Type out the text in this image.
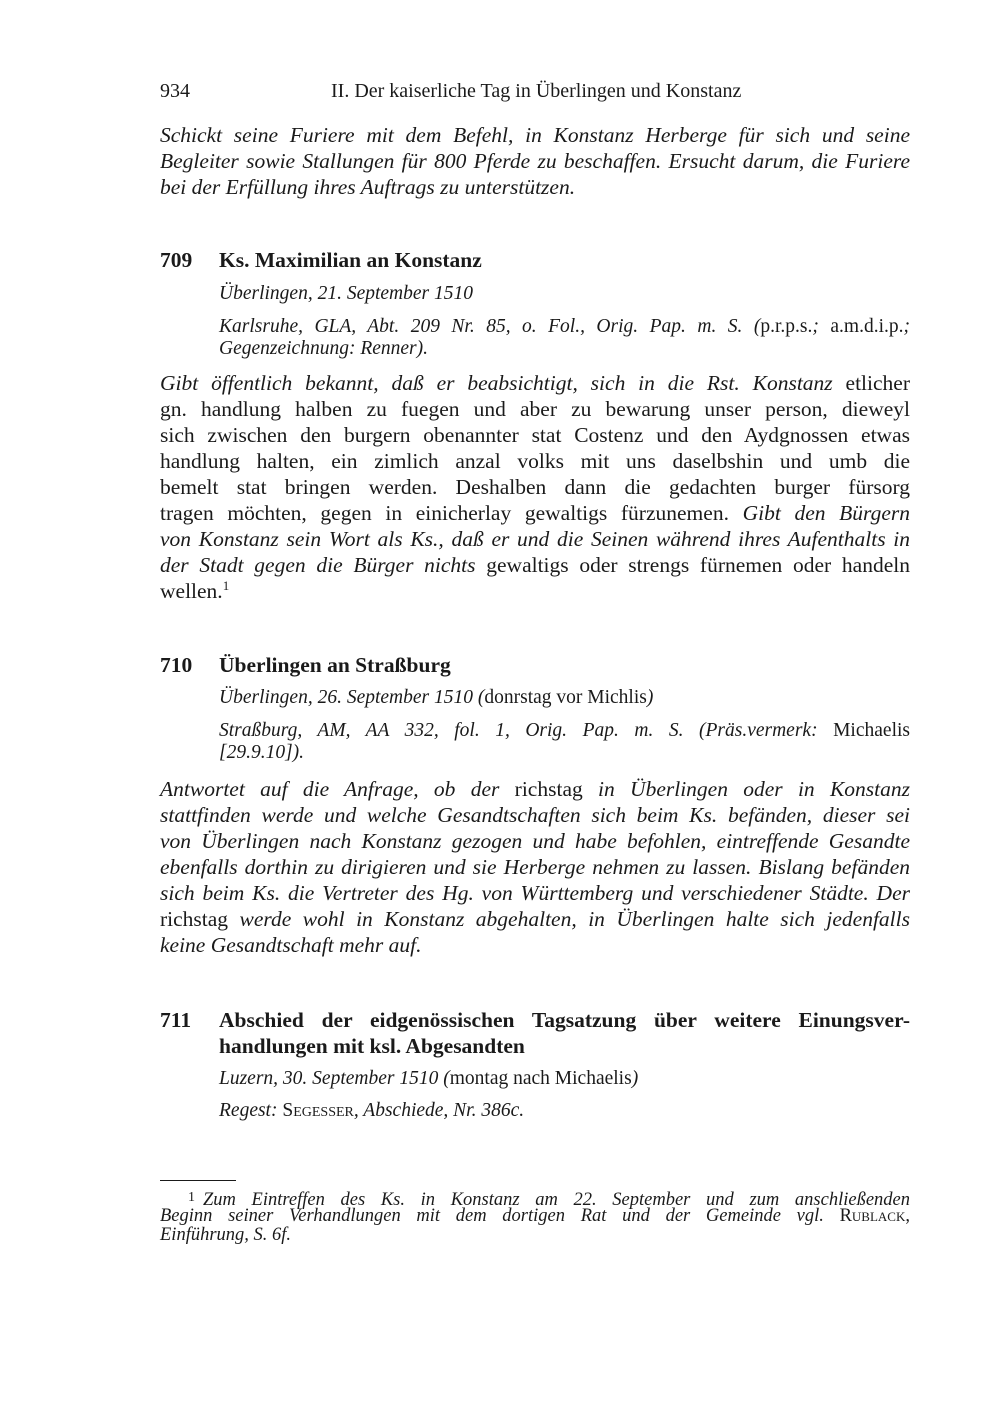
934	II. Der kaiserliche Tag in Überlingen und Konstanz
Schickt seine Furiere mit dem Befehl, in Konstanz Herberge für sich und seine
Begleiter sowie Stallungen für 800 Pferde zu beschaffen. Ersucht darum, die Furiere
bei der Erfüllung ihres Auftrags zu unterstützen.
709 Ks. Maximilian an Konstanz
Überlingen, 21. September 1510
Karlsruhe, GLA, Abt. 209 Nr. 85, o. Fol., Orig. Pap. m. S. (p.r.p.s.; a.m.d.i.p.;
Gegenzeichnung: Renner).
Gibt öffentlich bekannt, daß er beabsichtigt, sich in die Rst. Konstanz etlicher
gn. handlung halben zu fuegen und aber zu bewarung unser person, dieweyl
sich zwischen den burgern obenannter stat Costenz und den Aydgnossen etwas
handlung halten, ein zimlich anzal volks mit uns daselbshin und umb die
bemelt stat bringen werden. Deshalben dann die gedachten burger fürsorg
tragen möchten, gegen in einicherlay gewaltigs fürzunemen. Gibt den Bürgern
von Konstanz sein Wort als Ks., daß er und die Seinen während ihres Aufenthalts in
der Stadt gegen die Bürger nichts gewaltigs oder strengs fürnemen oder handeln
wellen.$^1$
710 Überlingen an Straßburg
Überlingen, 26. September 1510 (donrstag vor Michlis)
Straßburg, AM, AA 332, fol. 1, Orig. Pap. m. S. (Präs.vermerk: Michaelis
[29.9.10]).
Antwortet auf die Anfrage, ob der richstag in Überlingen oder in Konstanz
stattfinden werde und welche Gesandtschaften sich beim Ks. befänden, dieser sei
von Überlingen nach Konstanz gezogen und habe befohlen, eintreffende Gesandte
ebenfalls dorthin zu dirigieren und sie Herberge nehmen zu lassen. Bislang befänden
sich beim Ks. die Vertreter des Hg. von Württemberg und verschiedener Städte. Der
richstag werde wohl in Konstanz abgehalten, in Überlingen halte sich jedenfalls
keine Gesandtschaft mehr auf.
711 Abschied der eidgenössischen Tagsatzung über weitere Einungsver-
handlungen mit ksl. Abgesandten
Luzern, 30. September 1510 (montag nach Michaelis)
Regest: Segesser, Abschiede, Nr. 386c.
$^1$ Zum Eintreffen des Ks. in Konstanz am 22. September und zum anschließenden
Beginn seiner Verhandlungen mit dem dortigen Rat und der Gemeinde vgl. Rublack,
Einführung, S. 6f.
